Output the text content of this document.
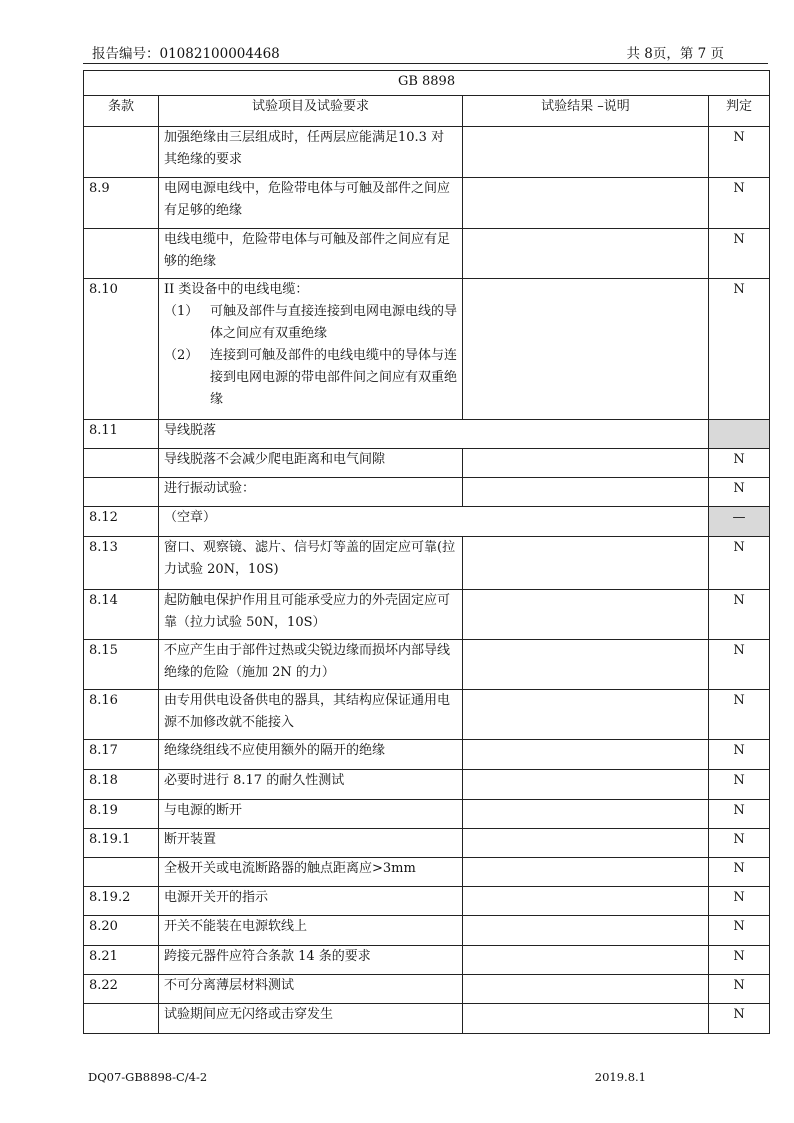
报告编号：01082100004468	共 8页，第 7 页
GB 8898			
条款	试验项目及试验要求	试验结果 –说明	判定
	加强绝缘由三层组成时，任两层应能满足10.3 对其绝缘的要求		N
8.9	电网电源电线中，危险带电体与可触及部件之间应有足够的绝缘		N
	电线电缆中，危险带电体与可触及部件之间应有足够的绝缘		N
8.10	II 类设备中的电线电缆：
（1） 可触及部件与直接连接到电网电源电线的导体之间应有双重绝缘
（2） 连接到可触及部件的电线电缆中的导体与连接到电网电源的带电部件间之间应有双重绝缘		N
8.11	导线脱落		
	导线脱落不会减少爬电距离和电气间隙		N
	进行振动试验：		N
8.12	（空章）		—
8.13	窗口、观察镜、滤片、信号灯等盖的固定应可靠(拉力试验 20N，10S)		N
8.14	起防触电保护作用且可能承受应力的外壳固定应可靠（拉力试验 50N，10S）		N
8.15	不应产生由于部件过热或尖锐边缘而损坏内部导线绝缘的危险（施加 2N 的力）		N
8.16	由专用供电设备供电的器具，其结构应保证通用电源不加修改就不能接入		N
8.17	绝缘绕组线不应使用额外的隔开的绝缘		N
8.18	必要时进行 8.17 的耐久性测试		N
8.19	与电源的断开		N
8.19.1	断开装置		N
	全极开关或电流断路器的触点距离应>3mm		N
8.19.2	电源开关开的指示		N
8.20	开关不能装在电源软线上		N
8.21	跨接元器件应符合条款 14 条的要求		N
8.22	不可分离薄层材料测试		N
	试验期间应无闪络或击穿发生		N
DQ07-GB8898-C/4-2	2019.8.1
